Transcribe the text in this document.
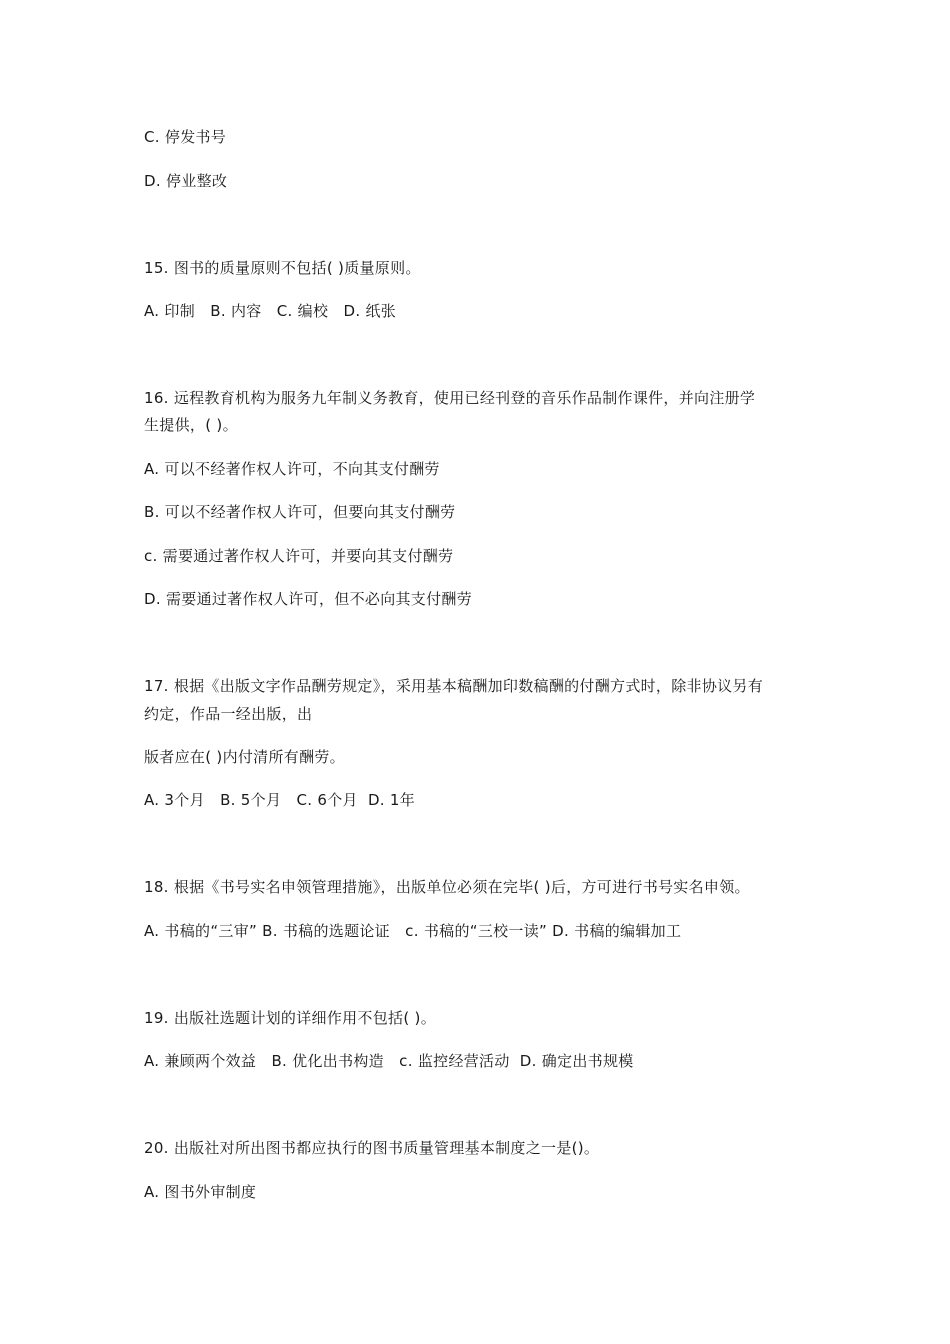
C. 停发书号
D. 停业整改
15. 图书的质量原则不包括( )质量原则。
A. 印制   B. 内容   C. 编校   D. 纸张
16. 远程教育机构为服务九年制义务教育，使用已经刊登的音乐作品制作课件，并向注册学
生提供，( )。
A. 可以不经著作权人许可，不向其支付酬劳
B. 可以不经著作权人许可，但要向其支付酬劳
c. 需要通过著作权人许可，并要向其支付酬劳
D. 需要通过著作权人许可，但不必向其支付酬劳
17. 根据《出版文字作品酬劳规定》，采用基本稿酬加印数稿酬的付酬方式时，除非协议另有
约定，作品一经出版，出
版者应在( )内付清所有酬劳。
A. 3个月   B. 5个月   C. 6个月  D. 1年
18. 根据《书号实名申领管理措施》，出版单位必须在完毕( )后，方可进行书号实名申领。
A. 书稿的“三审” B. 书稿的选题论证   c. 书稿的“三校一读” D. 书稿的编辑加工
19. 出版社选题计划的详细作用不包括( )。
A. 兼顾两个效益   B. 优化出书构造   c. 监控经营活动  D. 确定出书规模
20. 出版社对所出图书都应执行的图书质量管理基本制度之一是()。
A. 图书外审制度
